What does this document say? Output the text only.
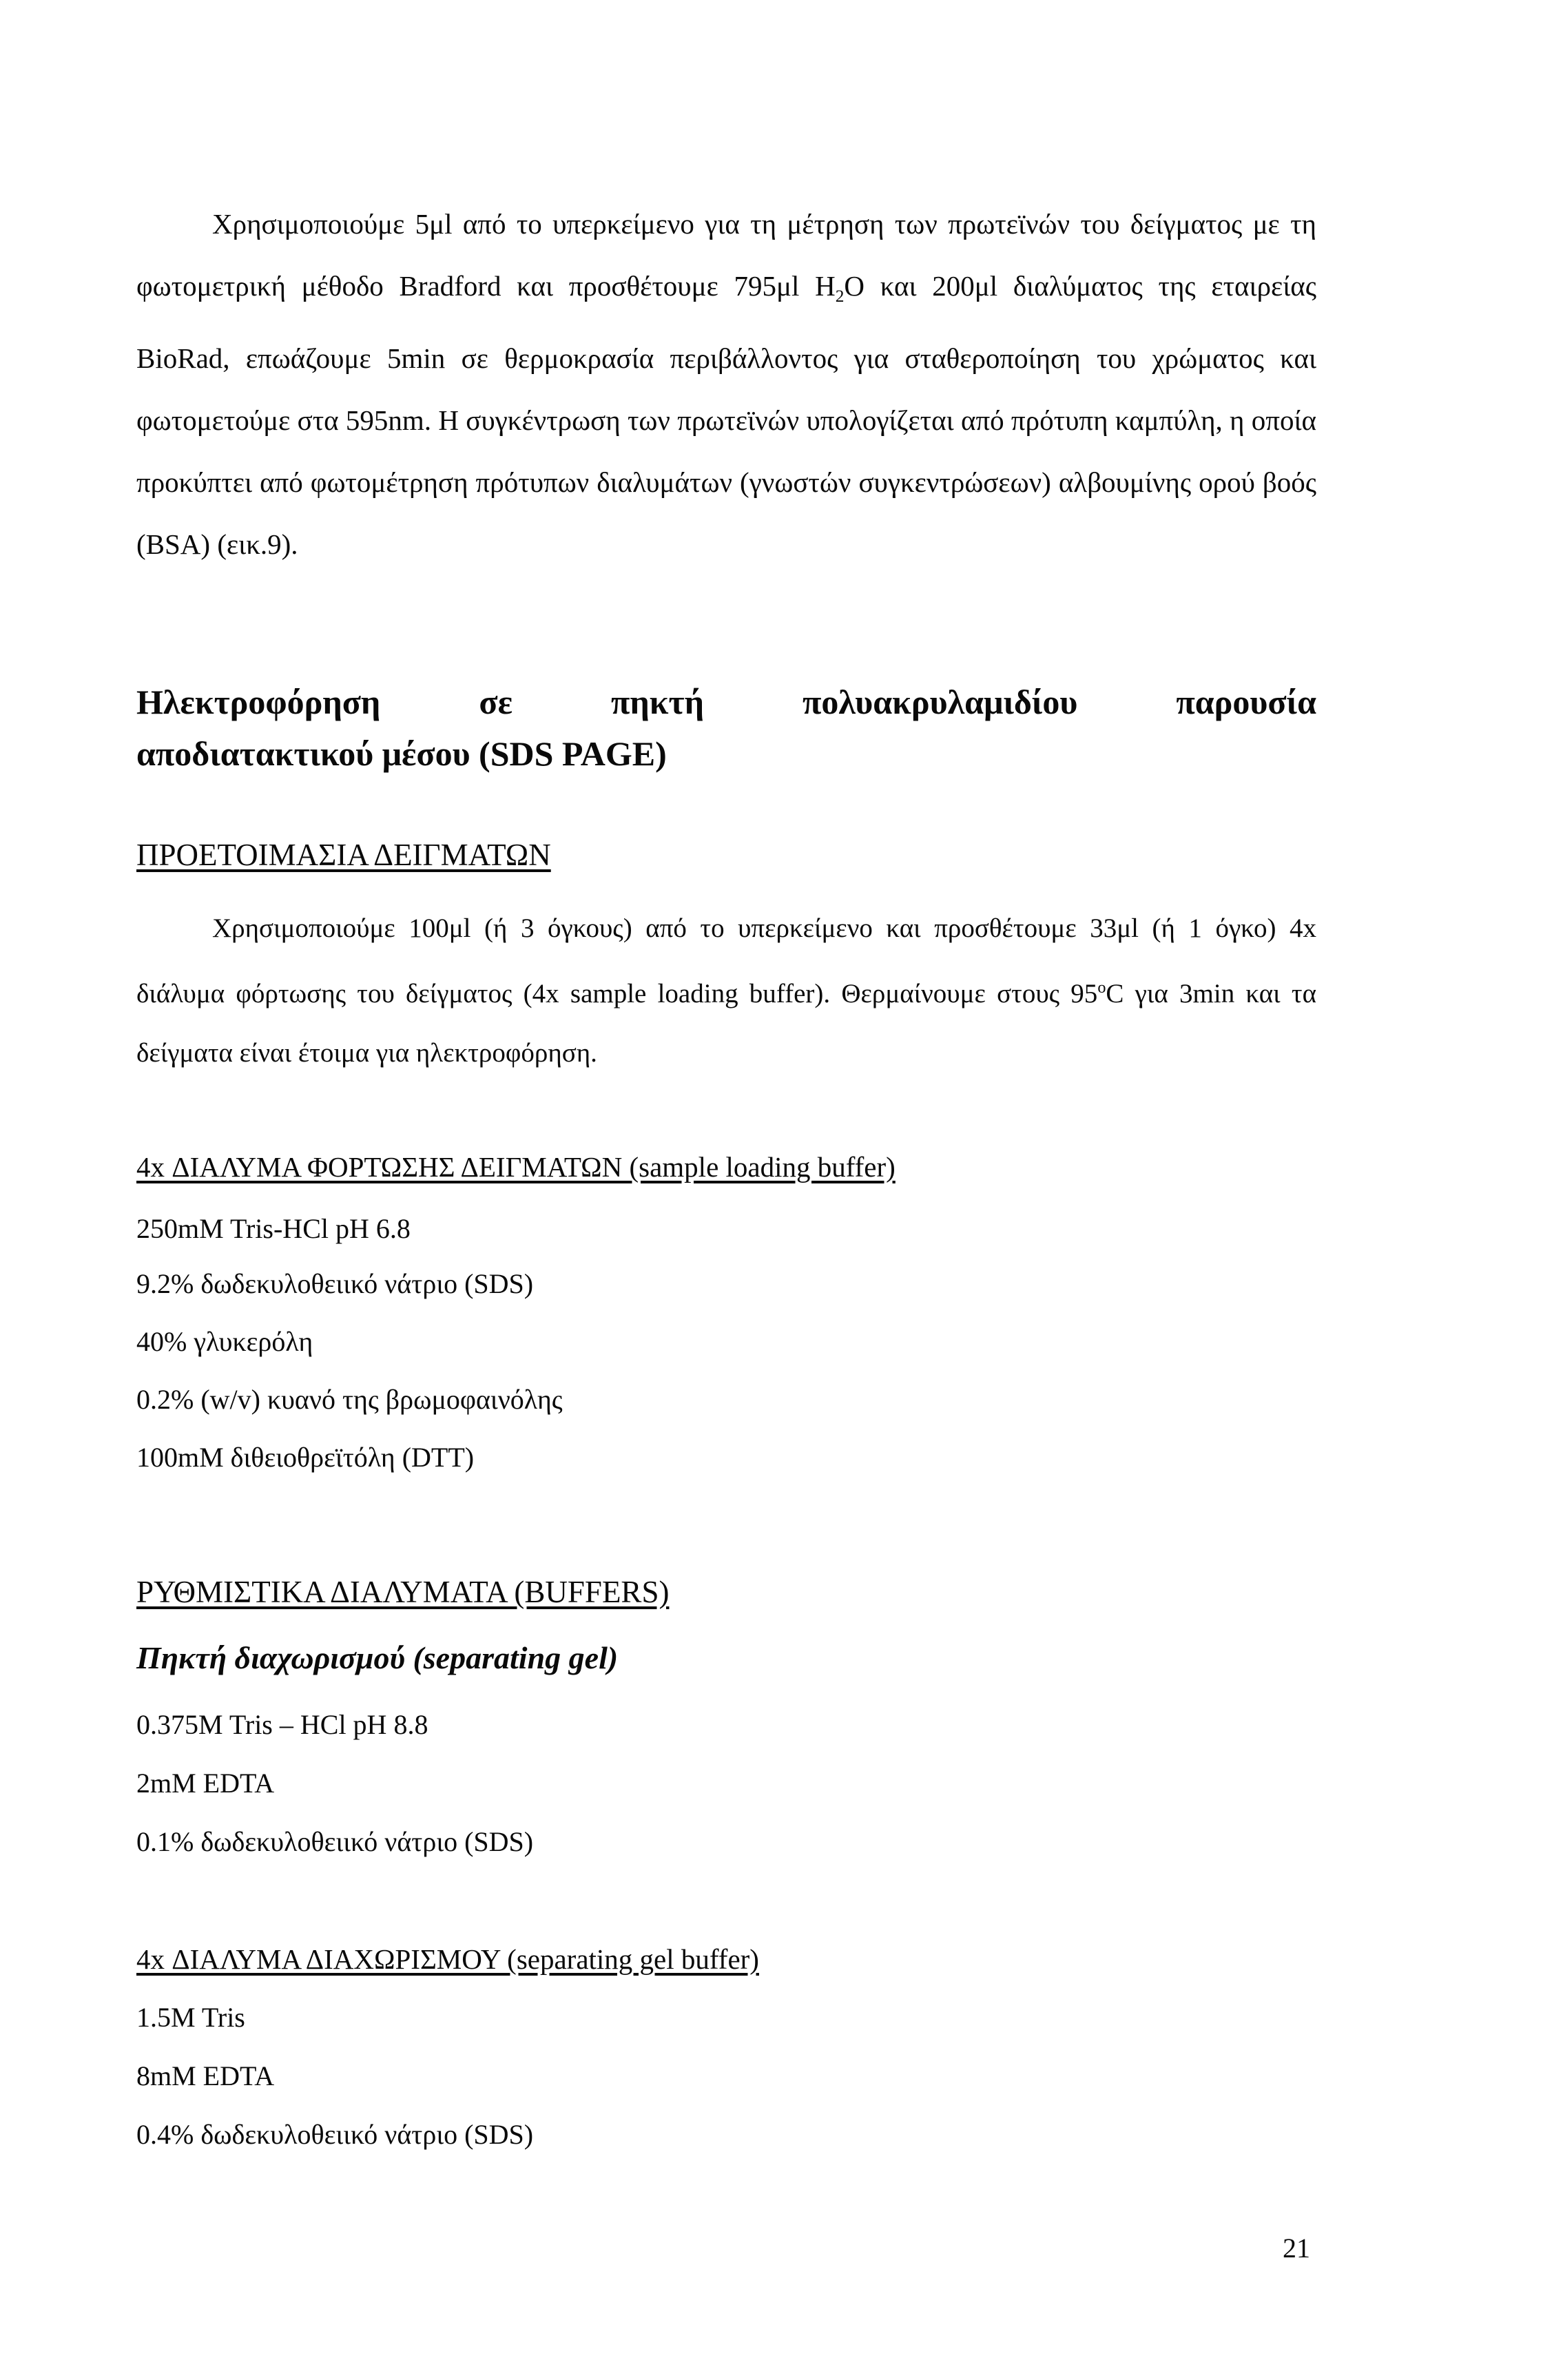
Χρησιμοποιούμε 5μl από το υπερκείμενο για τη μέτρηση των πρωτεϊνών του δείγματος με τη φωτομετρική μέθοδο Bradford και προσθέτουμε 795μl $H_2O$ και 200μl διαλύματος της εταιρείας BioRad, επωάζουμε 5min σε θερμοκρασία περιβάλλοντος για σταθεροποίηση του χρώματος και φωτομετούμε στα 595nm. Η συγκέντρωση των πρωτεϊνών υπολογίζεται από πρότυπη καμπύλη, η οποία προκύπτει από φωτομέτρηση πρότυπων διαλυμάτων (γνωστών συγκεντρώσεων) αλβουμίνης ορού βοός (BSA) (εικ.9).

Ηλεκτροφόρηση	σε	πηκτή	πολυακρυλαμιδίου	παρουσία
αποδιατακτικού μέσου (SDS PAGE)

ΠΡΟΕΤΟΙΜΑΣΙΑ ΔΕΙΓΜΑΤΩΝ

Χρησιμοποιούμε 100μl (ή 3 όγκους) από το υπερκείμενο και προσθέτουμε 33μl (ή 1 όγκο) 4x διάλυμα φόρτωσης του δείγματος (4x sample loading buffer). Θερμαίνουμε στους 95$^o$C για 3min και τα δείγματα είναι έτοιμα για ηλεκτροφόρηση.

4x ΔΙΑΛΥΜΑ ΦΟΡΤΩΣΗΣ ΔΕΙΓΜΑΤΩΝ (sample loading buffer)

250mM Tris-HCl pH 6.8

9.2% δωδεκυλοθειικό νάτριο (SDS)

40% γλυκερόλη

0.2% (w/v) κυανό της βρωμοφαινόλης

100mM διθειοθρεϊτόλη (DTT)

ΡΥΘΜΙΣΤΙΚΑ ΔΙΑΛΥΜΑΤΑ (BUFFERS)

Πηκτή διαχωρισμού (separating gel)

0.375M Tris – HCl pH 8.8

2mM EDTA

0.1% δωδεκυλοθειικό νάτριο (SDS)

4x ΔΙΑΛΥΜΑ ΔΙΑΧΩΡΙΣΜΟΥ (separating gel buffer)

1.5M Tris

8mM EDTA

0.4% δωδεκυλοθειικό νάτριο (SDS)

21
